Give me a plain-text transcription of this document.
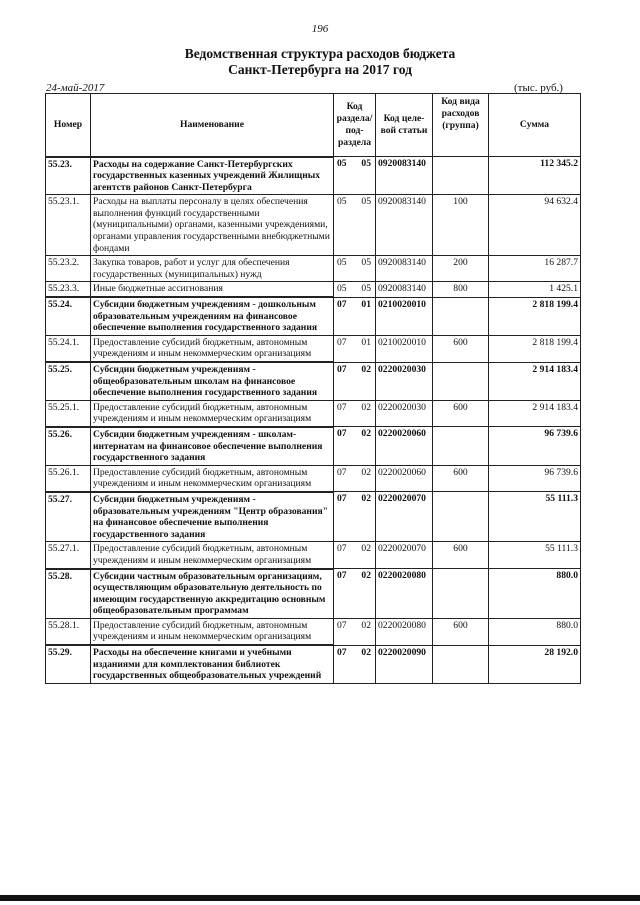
196
Ведомственная структура расходов бюджета
Санкт-Петербурга на 2017 год
24-май-2017	(тыс. руб.)
Номер	Наименование	Код раздела/ под- раздела	Код целе- вой статьи	Код вида расходов (группа)	Сумма
55.23.	Расходы на содержание Санкт-Петербургских государственных казенных учреждений Жилищных агентств районов Санкт-Петербурга	05 05	0920083140		112 345.2
55.23.1.	Расходы на выплаты персоналу в целях обеспечения выполнения функций государственными (муниципальными) органами, казенными учреждениями, органами управления государственными внебюджетными фондами	05 05	0920083140	100	94 632.4
55.23.2.	Закупка товаров, работ и услуг для обеспечения государственных (муниципальных) нужд	05 05	0920083140	200	16 287.7
55.23.3.	Иные бюджетные ассигнования	05 05	0920083140	800	1 425.1
55.24.	Субсидии бюджетным учреждениям - дошкольным образовательным учреждениям на финансовое обеспечение выполнения государственного задания	07 01	0210020010		2 818 199.4
55.24.1.	Предоставление субсидий бюджетным, автономным учреждениям и иным некоммерческим организациям	07 01	0210020010	600	2 818 199.4
55.25.	Субсидии бюджетным учреждениям - общеобразовательным школам на финансовое обеспечение выполнения государственного задания	07 02	0220020030		2 914 183.4
55.25.1.	Предоставление субсидий бюджетным, автономным учреждениям и иным некоммерческим организациям	07 02	0220020030	600	2 914 183.4
55.26.	Субсидии бюджетным учреждениям - школам-интернатам на финансовое обеспечение выполнения государственного задания	07 02	0220020060		96 739.6
55.26.1.	Предоставление субсидий бюджетным, автономным учреждениям и иным некоммерческим организациям	07 02	0220020060	600	96 739.6
55.27.	Субсидии бюджетным учреждениям - образовательным учреждениям "Центр образования" на финансовое обеспечение выполнения государственного задания	07 02	0220020070		55 111.3
55.27.1.	Предоставление субсидий бюджетным, автономным учреждениям и иным некоммерческим организациям	07 02	0220020070	600	55 111.3
55.28.	Субсидии частным образовательным организациям, осуществляющим образовательную деятельность по имеющим государственную аккредитацию основным общеобразовательным программам	07 02	0220020080		880.0
55.28.1.	Предоставление субсидий бюджетным, автономным учреждениям и иным некоммерческим организациям	07 02	0220020080	600	880.0
55.29.	Расходы на обеспечение книгами и учебными изданиями для комплектования библиотек государственных общеобразовательных учреждений	07 02	0220020090		28 192.0
